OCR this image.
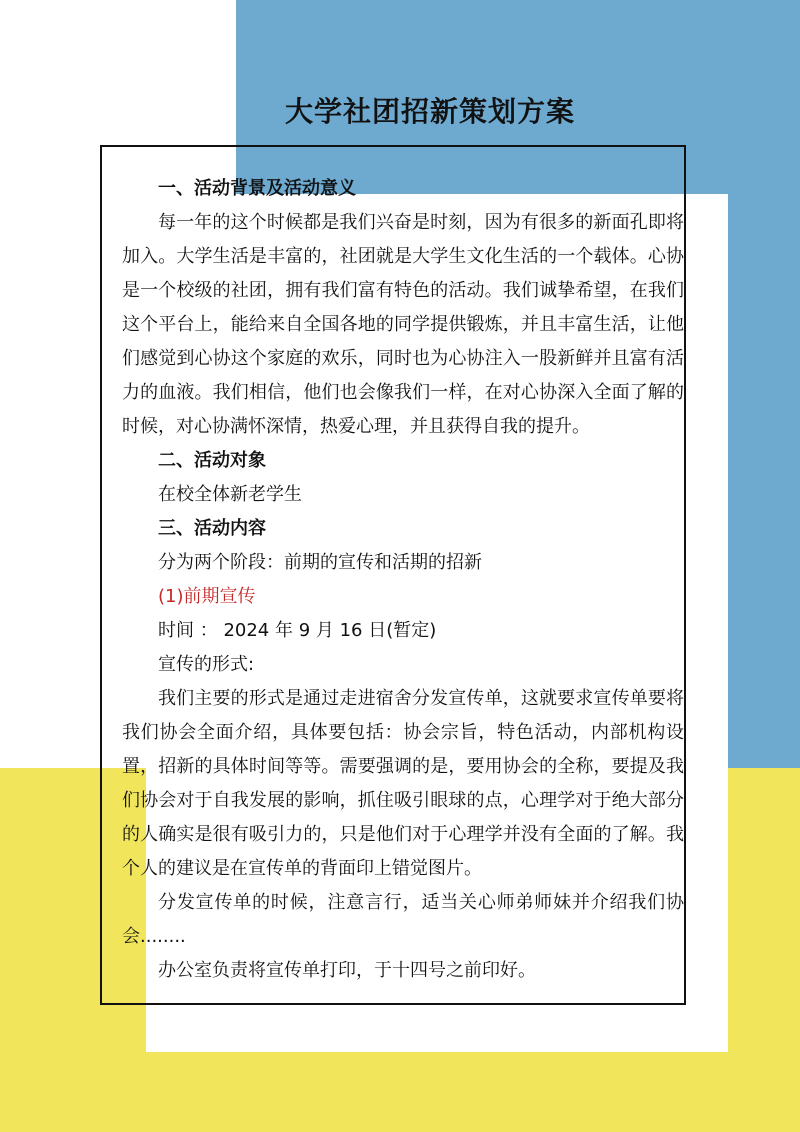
大学社团招新策划方案

一、活动背景及活动意义

每一年的这个时候都是我们兴奋是时刻，因为有很多的新面孔即将加入。大学生活是丰富的，社团就是大学生文化生活的一个载体。心协是一个校级的社团，拥有我们富有特色的活动。我们诚挚希望，在我们这个平台上，能给来自全国各地的同学提供锻炼，并且丰富生活，让他们感觉到心协这个家庭的欢乐，同时也为心协注入一股新鲜并且富有活力的血液。我们相信，他们也会像我们一样，在对心协深入全面了解的时候，对心协满怀深情，热爱心理，并且获得自我的提升。

二、活动对象

在校全体新老学生

三、活动内容

分为两个阶段：前期的宣传和活期的招新

(1)前期宣传

时间 ： 2024 年 9 月 16 日(暂定)

宣传的形式:

我们主要的形式是通过走进宿舍分发宣传单，这就要求宣传单要将我们协会全面介绍，具体要包括：协会宗旨，特色活动，内部机构设置，招新的具体时间等等。需要强调的是，要用协会的全称，要提及我们协会对于自我发展的影响，抓住吸引眼球的点，心理学对于绝大部分的人确实是很有吸引力的，只是他们对于心理学并没有全面的了解。我个人的建议是在宣传单的背面印上错觉图片。

分发宣传单的时候，注意言行，适当关心师弟师妹并介绍我们协会........

办公室负责将宣传单打印，于十四号之前印好。
